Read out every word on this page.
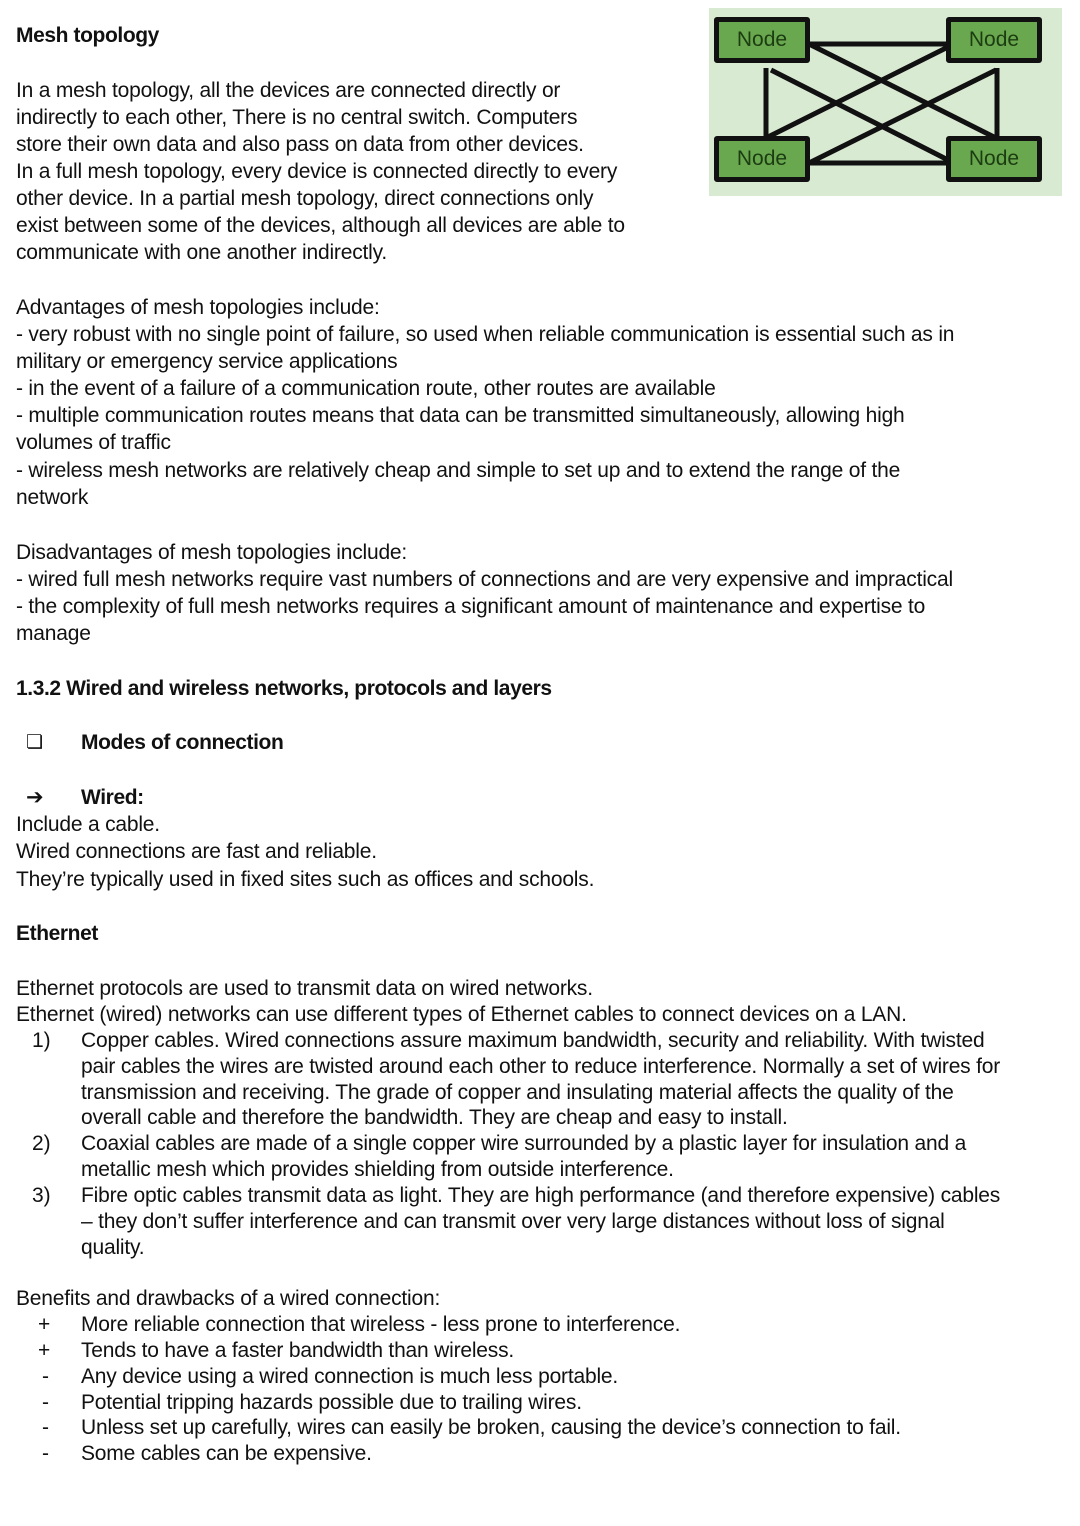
Mesh topology
In a mesh topology, all the devices are connected directly or
indirectly to each other, There is no central switch. Computers
store their own data and also pass on data from other devices.
In a full mesh topology, every device is connected directly to every
other device. In a partial mesh topology, direct connections only
exist between some of the devices, although all devices are able to
communicate with one another indirectly.
Advantages of mesh topologies include:
- very robust with no single point of failure, so used when reliable communication is essential such as in
military or emergency service applications
- in the event of a failure of a communication route, other routes are available
- multiple communication routes means that data can be transmitted simultaneously, allowing high
volumes of traffic
- wireless mesh networks are relatively cheap and simple to set up and to extend the range of the
network
Disadvantages of mesh topologies include:
- wired full mesh networks require vast numbers of connections and are very expensive and impractical
- the complexity of full mesh networks requires a significant amount of maintenance and expertise to
manage
1.3.2 Wired and wireless networks, protocols and layers
❏ Modes of connection
➔ Wired:
Include a cable.
Wired connections are fast and reliable.
They’re typically used in fixed sites such as offices and schools.
Ethernet
Ethernet protocols are used to transmit data on wired networks.
Ethernet (wired) networks can use different types of Ethernet cables to connect devices on a LAN.
1) Copper cables. Wired connections assure maximum bandwidth, security and reliability. With twisted
pair cables the wires are twisted around each other to reduce interference. Normally a set of wires for
transmission and receiving. The grade of copper and insulating material affects the quality of the
overall cable and therefore the bandwidth. They are cheap and easy to install.
2) Coaxial cables are made of a single copper wire surrounded by a plastic layer for insulation and a
metallic mesh which provides shielding from outside interference.
3) Fibre optic cables transmit data as light. They are high performance (and therefore expensive) cables
– they don’t suffer interference and can transmit over very large distances without loss of signal
quality.
Benefits and drawbacks of a wired connection:
+ More reliable connection that wireless - less prone to interference.
+ Tends to have a faster bandwidth than wireless.
- Any device using a wired connection is much less portable.
- Potential tripping hazards possible due to trailing wires.
- Unless set up carefully, wires can easily be broken, causing the device’s connection to fail.
- Some cables can be expensive.
Node	Node
Node	Node
